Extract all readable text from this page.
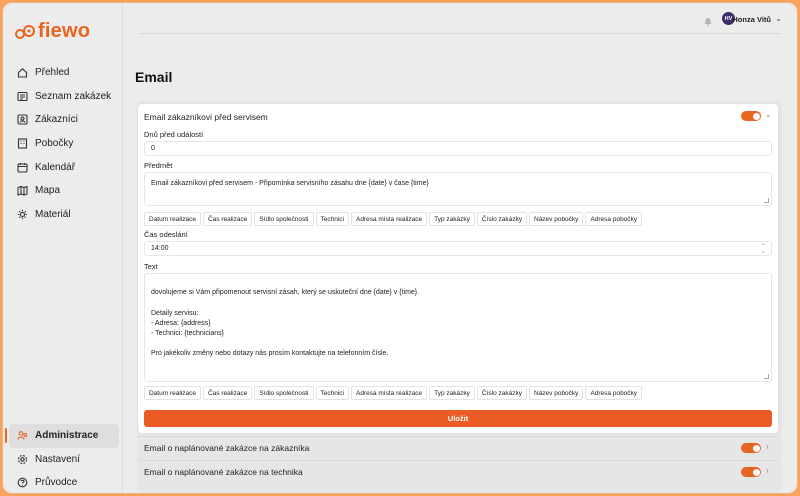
fiewo
Přehled
Seznam zakázek
Zákazníci
Pobočky
Kalendář
Mapa
Materiál
Administrace
Nastavení
Průvodce
HV Honza Vitů ⌄
Email
Email zákazníkovi před servisem	⌄
Dnů před událostí
0
Předmět
Email zákazníkovi před servisem - Připomínka servisního zásahu dne {date} v čase {time}
Datum realizace	Čas realizace	Sídlo společnosti	Technici	Adresa místa realizace	Typ zakázky	Číslo zakázky	Název pobočky	Adresa pobočky
Čas odeslání
14:00	⌃
⌄
Text

dovolujeme si Vám připomenout servisní zásah, který se uskuteční dne {date} v {time}.

Detaily servisu:
- Adresa: {address}
- Technici: {technicians}

Pro jakékoliv změny nebo dotazy nás prosím kontaktujte na telefonním čísle.

Datum realizace	Čas realizace	Sídlo společnosti	Technici	Adresa místa realizace	Typ zakázky	Číslo zakázky	Název pobočky	Adresa pobočky
Uložit
Email o naplánované zakázce na zákazníka	›
Email o naplánované zakázce na technika	›
